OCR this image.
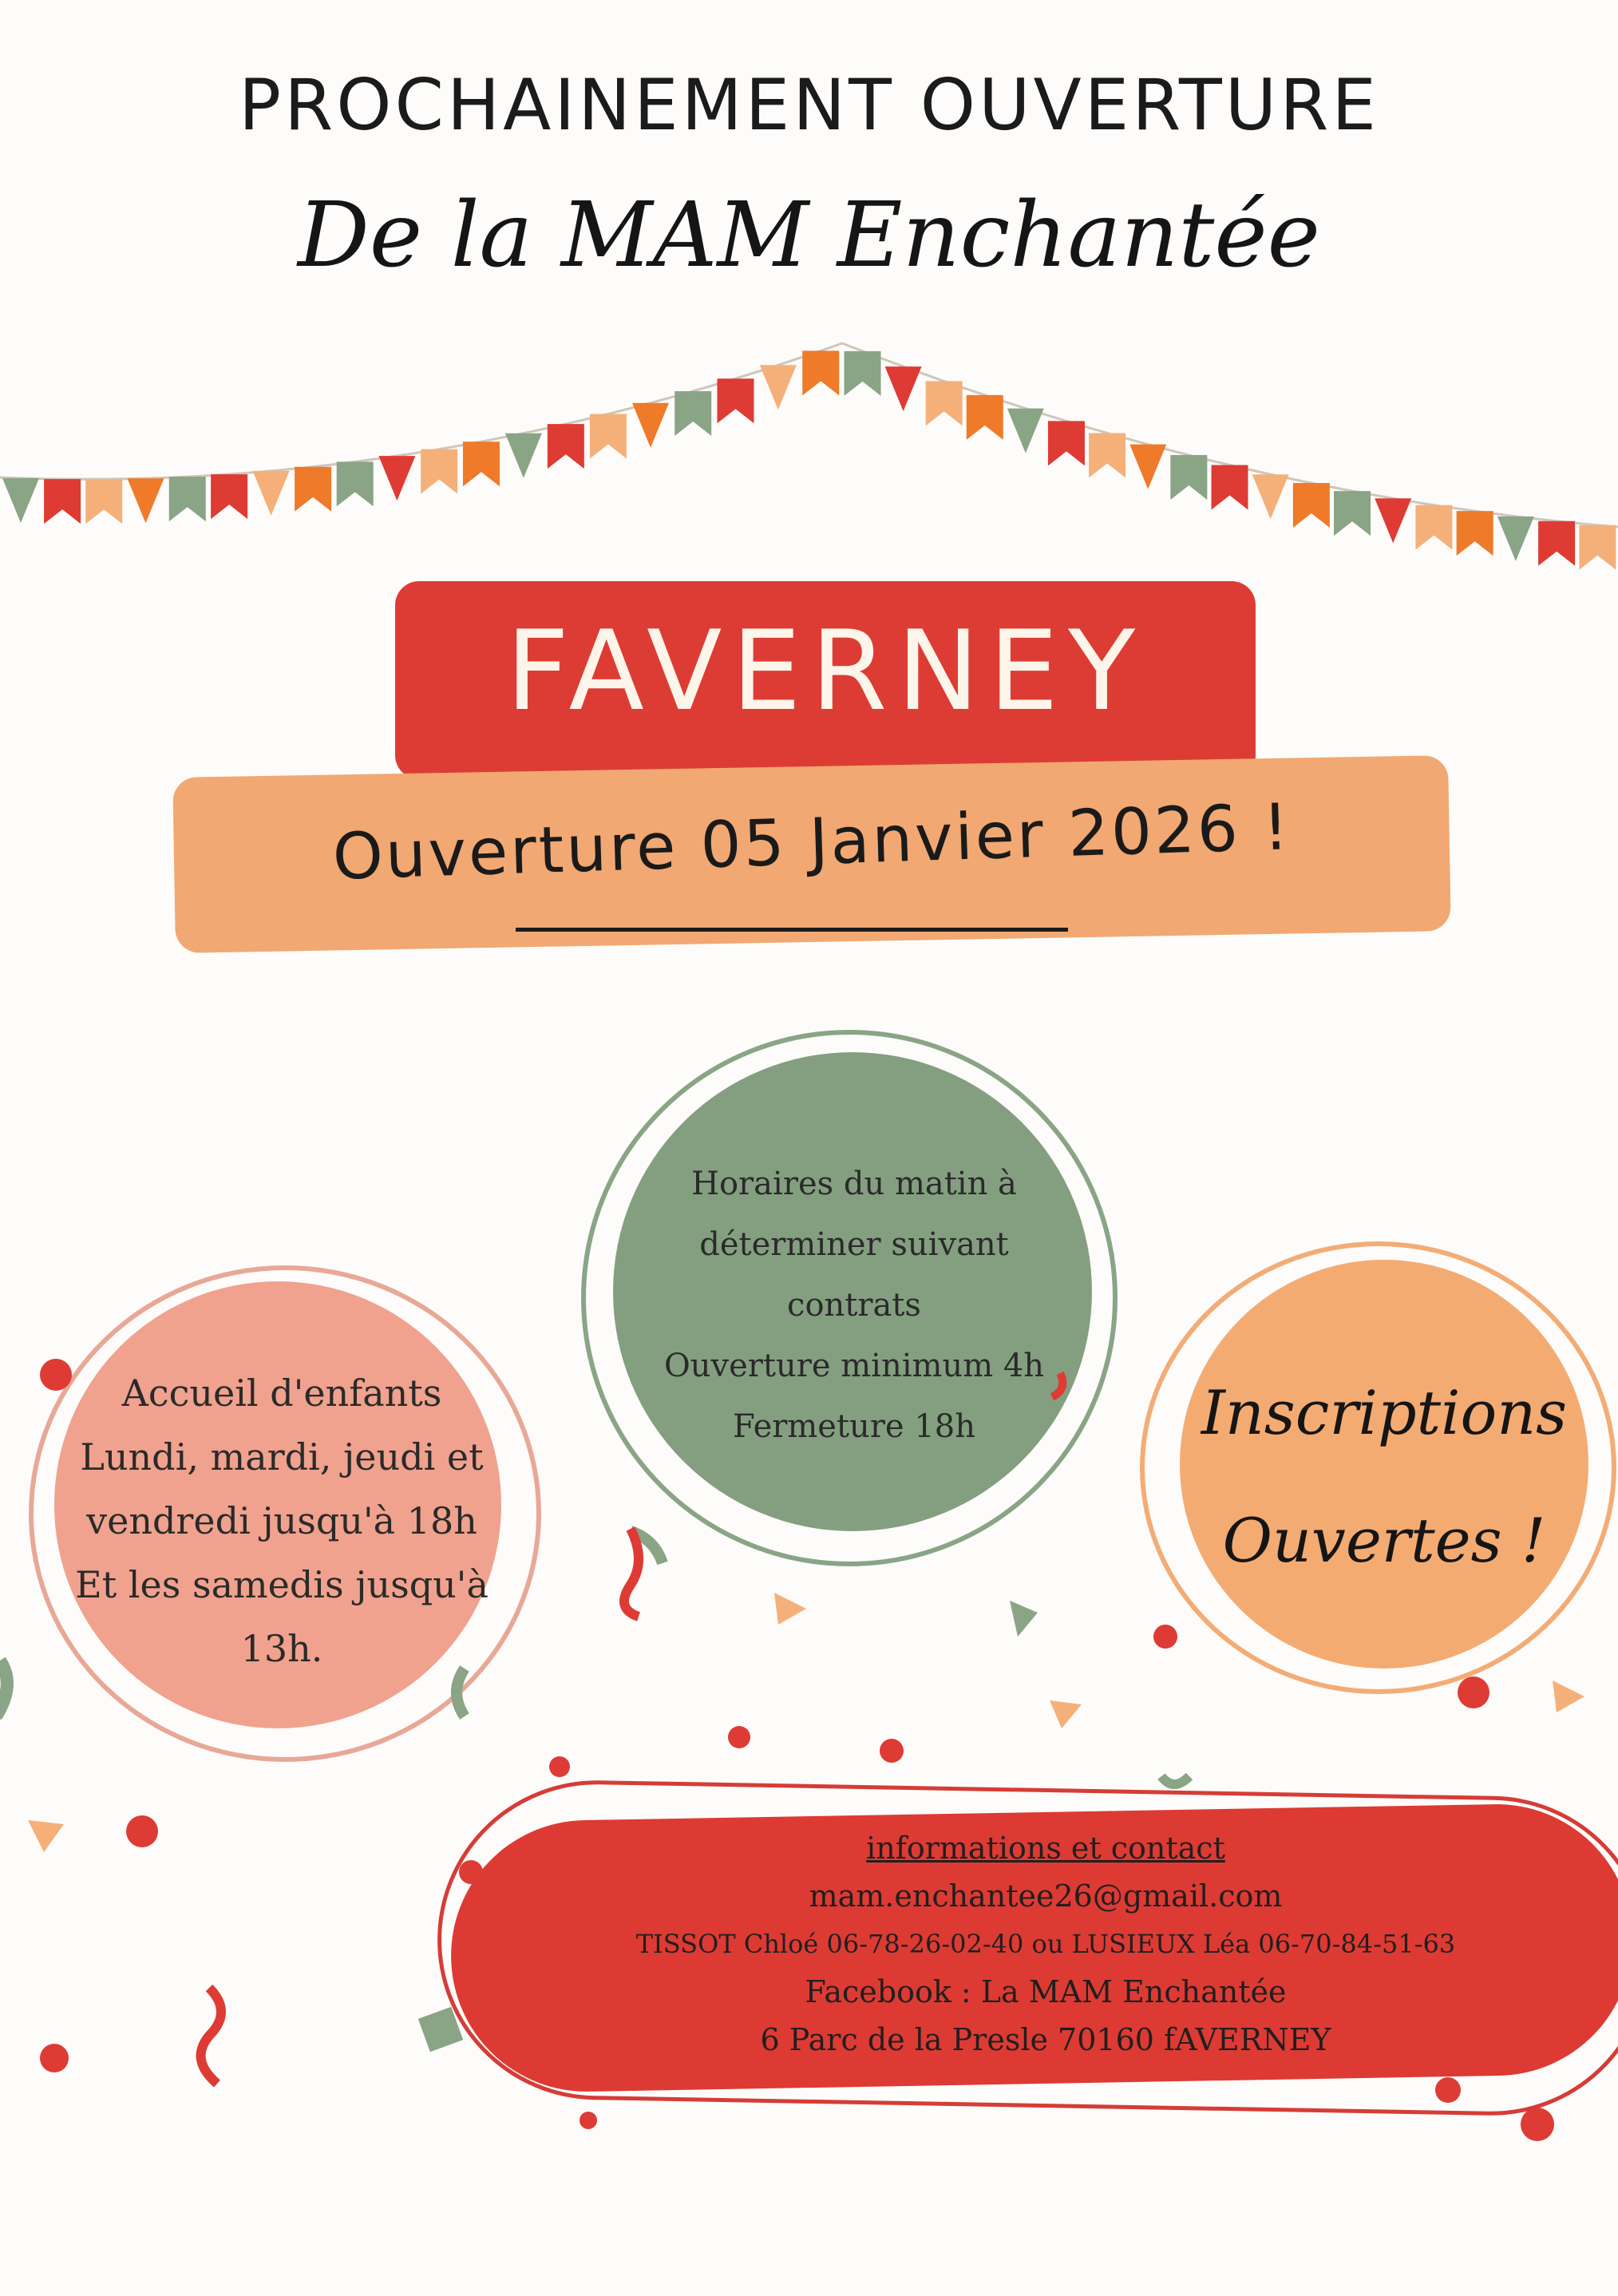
PROCHAINEMENT OUVERTURE
De la MAM Enchantée
FAVERNEY
Ouverture 05 Janvier 2026 !
Accueil d'enfants
Lundi, mardi, jeudi et
vendredi jusqu'à 18h
Et les samedis jusqu'à
13h.
Horaires du matin à
déterminer suivant
contrats
Ouverture minimum 4h
Fermeture 18h	Inscriptions
Ouvertes !
informations et contact
mam.enchantee26@gmail.com
TISSOT Chloé 06-78-26-02-40 ou LUSIEUX Léa 06-70-84-51-63
Facebook : La MAM Enchantée
6 Parc de la Presle 70160 fAVERNEY
